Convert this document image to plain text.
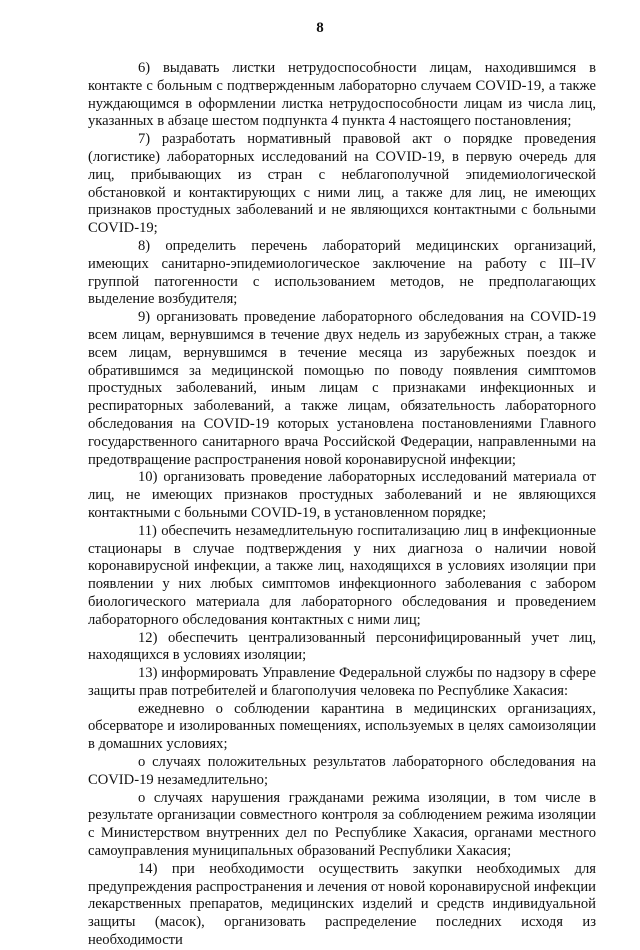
8

6) выдавать листки нетрудоспособности лицам, находившимся в контакте с больным с подтвержденным лабораторно случаем COVID-19, а также нуждающимся в оформлении листка нетрудоспособности лицам из числа лиц, указанных в абзаце шестом подпункта 4 пункта 4 настоящего постановления;

7) разработать нормативный правовой акт о порядке проведения (логистике) лабораторных исследований на COVID-19, в первую очередь для лиц, прибывающих из стран с неблагополучной эпидемиологической обстановкой и контактирующих с ними лиц, а также для лиц, не имеющих признаков простудных заболеваний и не являющихся контактными с больными COVID-19;

8) определить перечень лабораторий медицинских организаций, имеющих санитарно-эпидемиологическое заключение на работу с III–IV группой патогенности с использованием методов, не предполагающих выделение возбудителя;

9) организовать проведение лабораторного обследования на COVID-19 всем лицам, вернувшимся в течение двух недель из зарубежных стран, а также всем лицам, вернувшимся в течение месяца из зарубежных поездок и обратившимся за медицинской помощью по поводу появления симптомов простудных заболеваний, иным лицам с признаками инфекционных и респираторных заболеваний, а также лицам, обязательность лабораторного обследования на COVID-19 которых установлена постановлениями Главного государственного санитарного врача Российской Федерации, направленными на предотвращение распространения новой коронавирусной инфекции;

10) организовать проведение лабораторных исследований материала от лиц, не имеющих признаков простудных заболеваний и не являющихся контактными с больными COVID-19, в установленном порядке;

11) обеспечить незамедлительную госпитализацию лиц в инфекционные стационары в случае подтверждения у них диагноза о наличии новой коронавирусной инфекции, а также лиц, находящихся в условиях изоляции при появлении у них любых симптомов инфекционного заболевания с забором биологического материала для лабораторного обследования и проведением лабораторного обследования контактных с ними лиц;

12) обеспечить централизованный персонифицированный учет лиц, находящихся в условиях изоляции;

13) информировать Управление Федеральной службы по надзору в сфере защиты прав потребителей и благополучия человека по Республике Хакасия:

ежедневно о соблюдении карантина в медицинских организациях, обсерваторе и изолированных помещениях, используемых в целях самоизоляции в домашних условиях;

о случаях положительных результатов лабораторного обследования на COVID-19 незамедлительно;

о случаях нарушения гражданами режима изоляции, в том числе в результате организации совместного контроля за соблюдением режима изоляции с Министерством внутренних дел по Республике Хакасия, органами местного самоуправления муниципальных образований Республики Хакасия;

14) при необходимости осуществить закупки необходимых для предупреждения распространения и лечения от новой коронавирусной инфекции лекарственных препаратов, медицинских изделий и средств индивидуальной защиты (масок), организовать распределение последних исходя из необходимости
